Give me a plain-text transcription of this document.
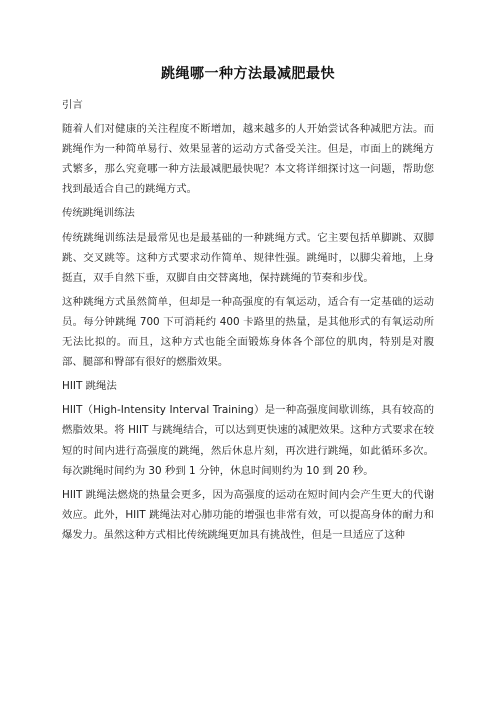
跳绳哪一种方法最减肥最快

引言

随着人们对健康的关注程度不断增加，越来越多的人开始尝试各种减肥方法。而跳绳作为一种简单易行、效果显著的运动方式备受关注。但是，市面上的跳绳方式繁多，那么究竟哪一种方法最减肥最快呢？本文将详细探讨这一问题，帮助您找到最适合自己的跳绳方式。

传统跳绳训练法

传统跳绳训练法是最常见也是最基础的一种跳绳方式。它主要包括单脚跳、双脚跳、交叉跳等。这种方式要求动作简单、规律性强。跳绳时，以脚尖着地，上身挺直，双手自然下垂，双脚自由交替离地，保持跳绳的节奏和步伐。

这种跳绳方式虽然简单，但却是一种高强度的有氧运动，适合有一定基础的运动员。每分钟跳绳 700 下可消耗约 400 卡路里的热量，是其他形式的有氧运动所无法比拟的。而且，这种方式也能全面锻炼身体各个部位的肌肉，特别是对腹部、腿部和臀部有很好的燃脂效果。

HIIT 跳绳法

HIIT（High-Intensity Interval Training）是一种高强度间歇训练，具有较高的燃脂效果。将 HIIT 与跳绳结合，可以达到更快速的减肥效果。这种方式要求在较短的时间内进行高强度的跳绳，然后休息片刻，再次进行跳绳，如此循环多次。每次跳绳时间约为 30 秒到 1 分钟，休息时间则约为 10 到 20 秒。

HIIT 跳绳法燃烧的热量会更多，因为高强度的运动在短时间内会产生更大的代谢效应。此外，HIIT 跳绳法对心肺功能的增强也非常有效，可以提高身体的耐力和爆发力。虽然这种方式相比传统跳绳更加具有挑战性，但是一旦适应了这种
